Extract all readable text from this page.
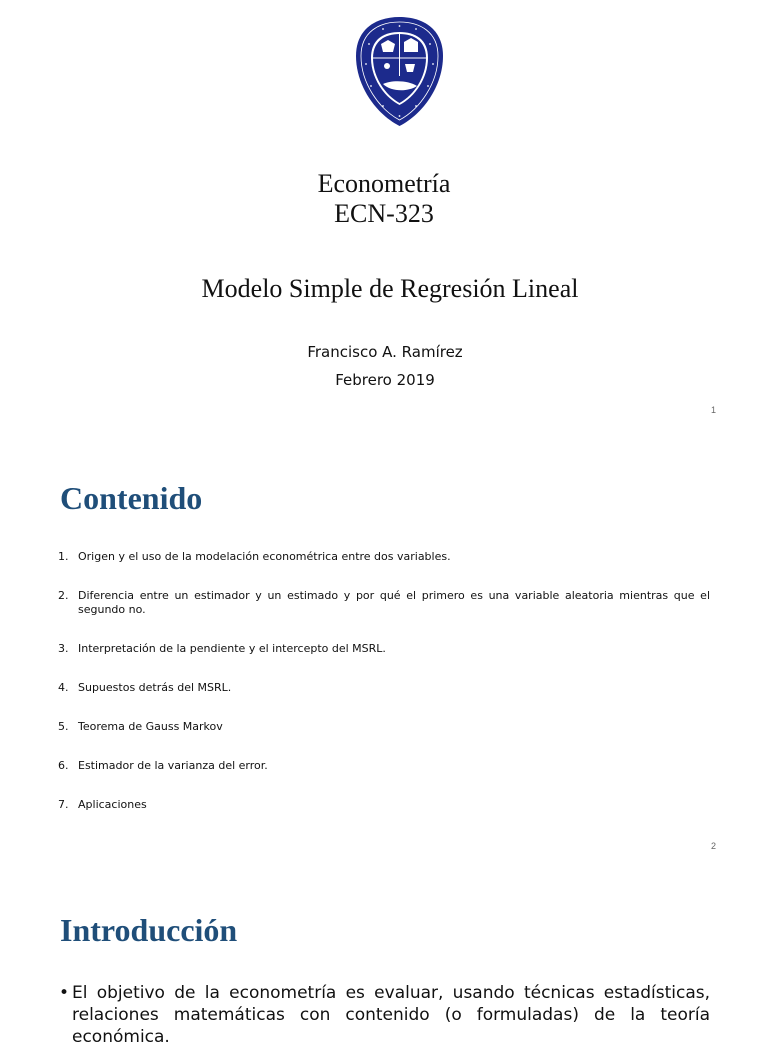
Econometría
ECN-323
Modelo Simple de Regresión Lineal
Francisco A. Ramírez
Febrero 2019
1
Contenido
1. Origen y el uso de la modelación econométrica entre dos variables.
2. Diferencia entre un estimador y un estimado y por qué el primero es una variable aleatoria mientras que el segundo no.
3. Interpretación de la pendiente y el intercepto del MSRL.
4. Supuestos detrás del MSRL.
5. Teorema de Gauss Markov
6. Estimador de la varianza del error.
7. Aplicaciones
2
Introducción
• El objetivo de la econometría es evaluar, usando técnicas estadísticas, relaciones matemáticas con contenido (o formuladas) de la teoría económica.
